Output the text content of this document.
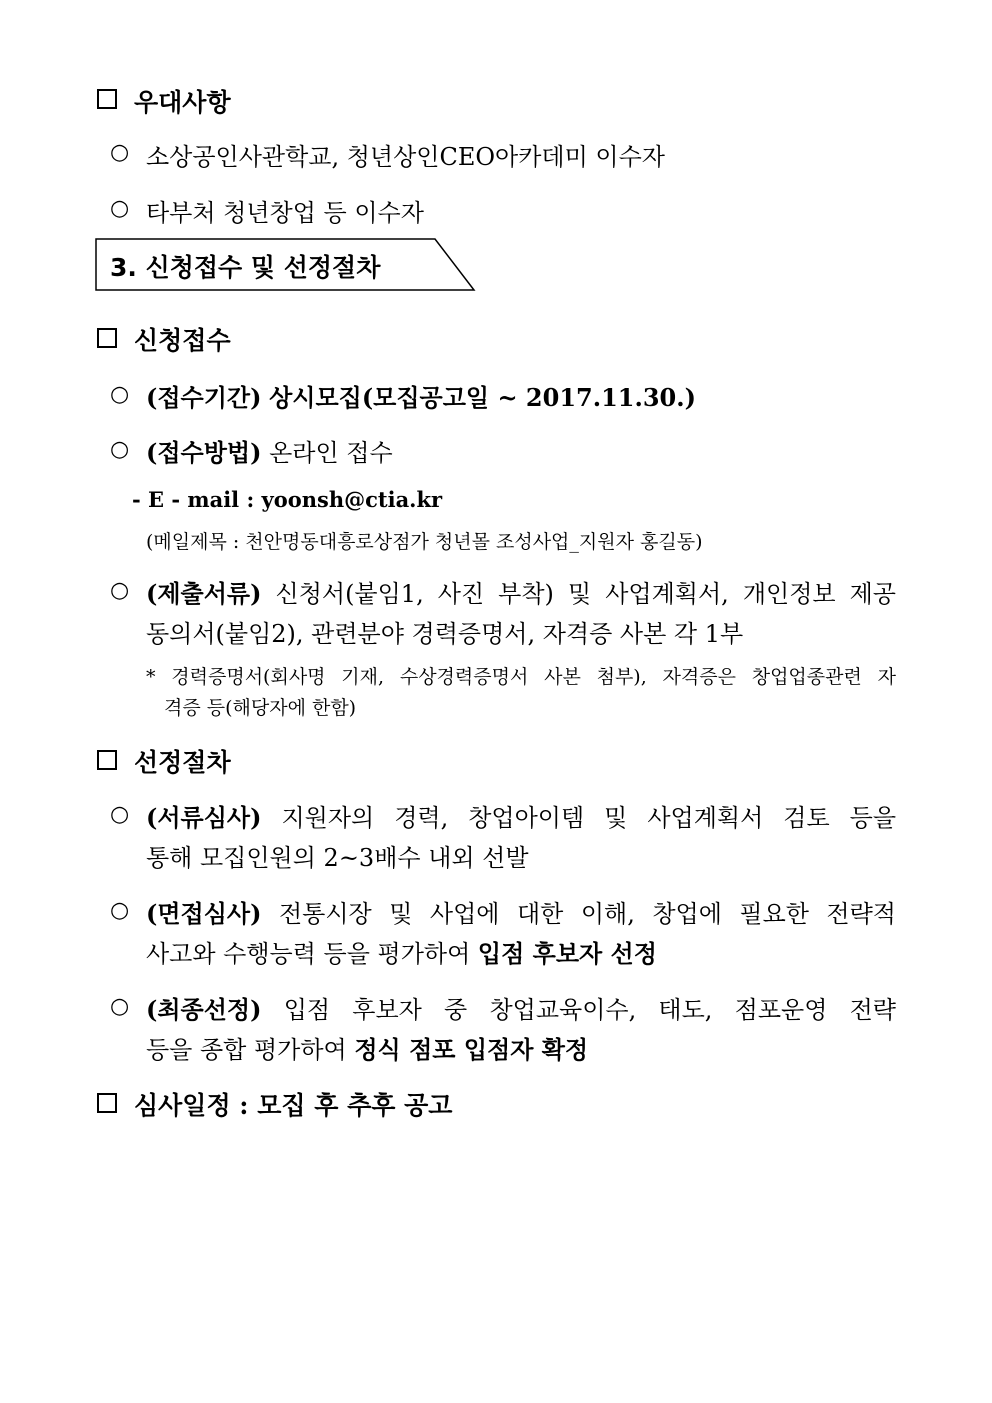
우대사항
○ 소상공인사관학교, 청년상인CEO아카데미 이수자
○ 타부처 청년창업 등 이수자
3. 신청접수 및 선정절차
신청접수
○ (접수기간) 상시모집(모집공고일 ~ 2017.11.30.)
○ (접수방법) 온라인 접수
- E - mail : yoonsh@ctia.kr
(메일제목 : 천안명동대흥로상점가 청년몰 조성사업_지원자 홍길동)
○ (제출서류) 신청서(붙임1, 사진 부착) 및 사업계획서, 개인정보 제공
동의서(붙임2), 관련분야 경력증명서, 자격증 사본 각 1부
* 경력증명서(회사명 기재, 수상경력증명서 사본 첨부), 자격증은 창업업종관련 자
격증 등(해당자에 한함)
선정절차
○ (서류심사) 지원자의 경력, 창업아이템 및 사업계획서 검토 등을
통해 모집인원의 2~3배수 내외 선발
○ (면접심사) 전통시장 및 사업에 대한 이해, 창업에 필요한 전략적
사고와 수행능력 등을 평가하여 입점 후보자 선정
○ (최종선정) 입점 후보자 중 창업교육이수, 태도, 점포운영 전략
등을 종합 평가하여 정식 점포 입점자 확정
심사일정 : 모집 후 추후 공고
